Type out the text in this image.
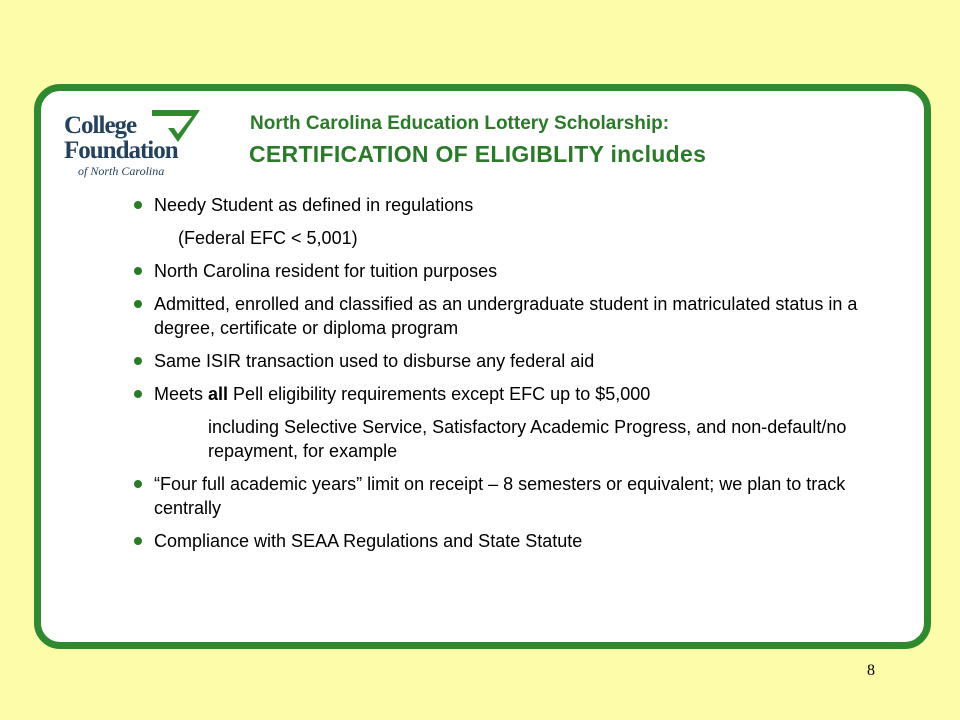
College
Foundation
of North Carolina
North Carolina Education Lottery Scholarship:
CERTIFICATION OF ELIGIBLITY includes
Needy Student as defined in regulations
(Federal EFC < 5,001)
North Carolina resident for tuition purposes
Admitted, enrolled and classified as an undergraduate student in matriculated status in a degree, certificate or diploma program
Same ISIR transaction used to disburse any federal aid
Meets all Pell eligibility requirements except EFC up to $5,000
including Selective Service, Satisfactory Academic Progress, and non-default/no repayment, for example
“Four full academic years” limit on receipt – 8 semesters or equivalent; we plan to track centrally
Compliance with SEAA Regulations and State Statute
8
